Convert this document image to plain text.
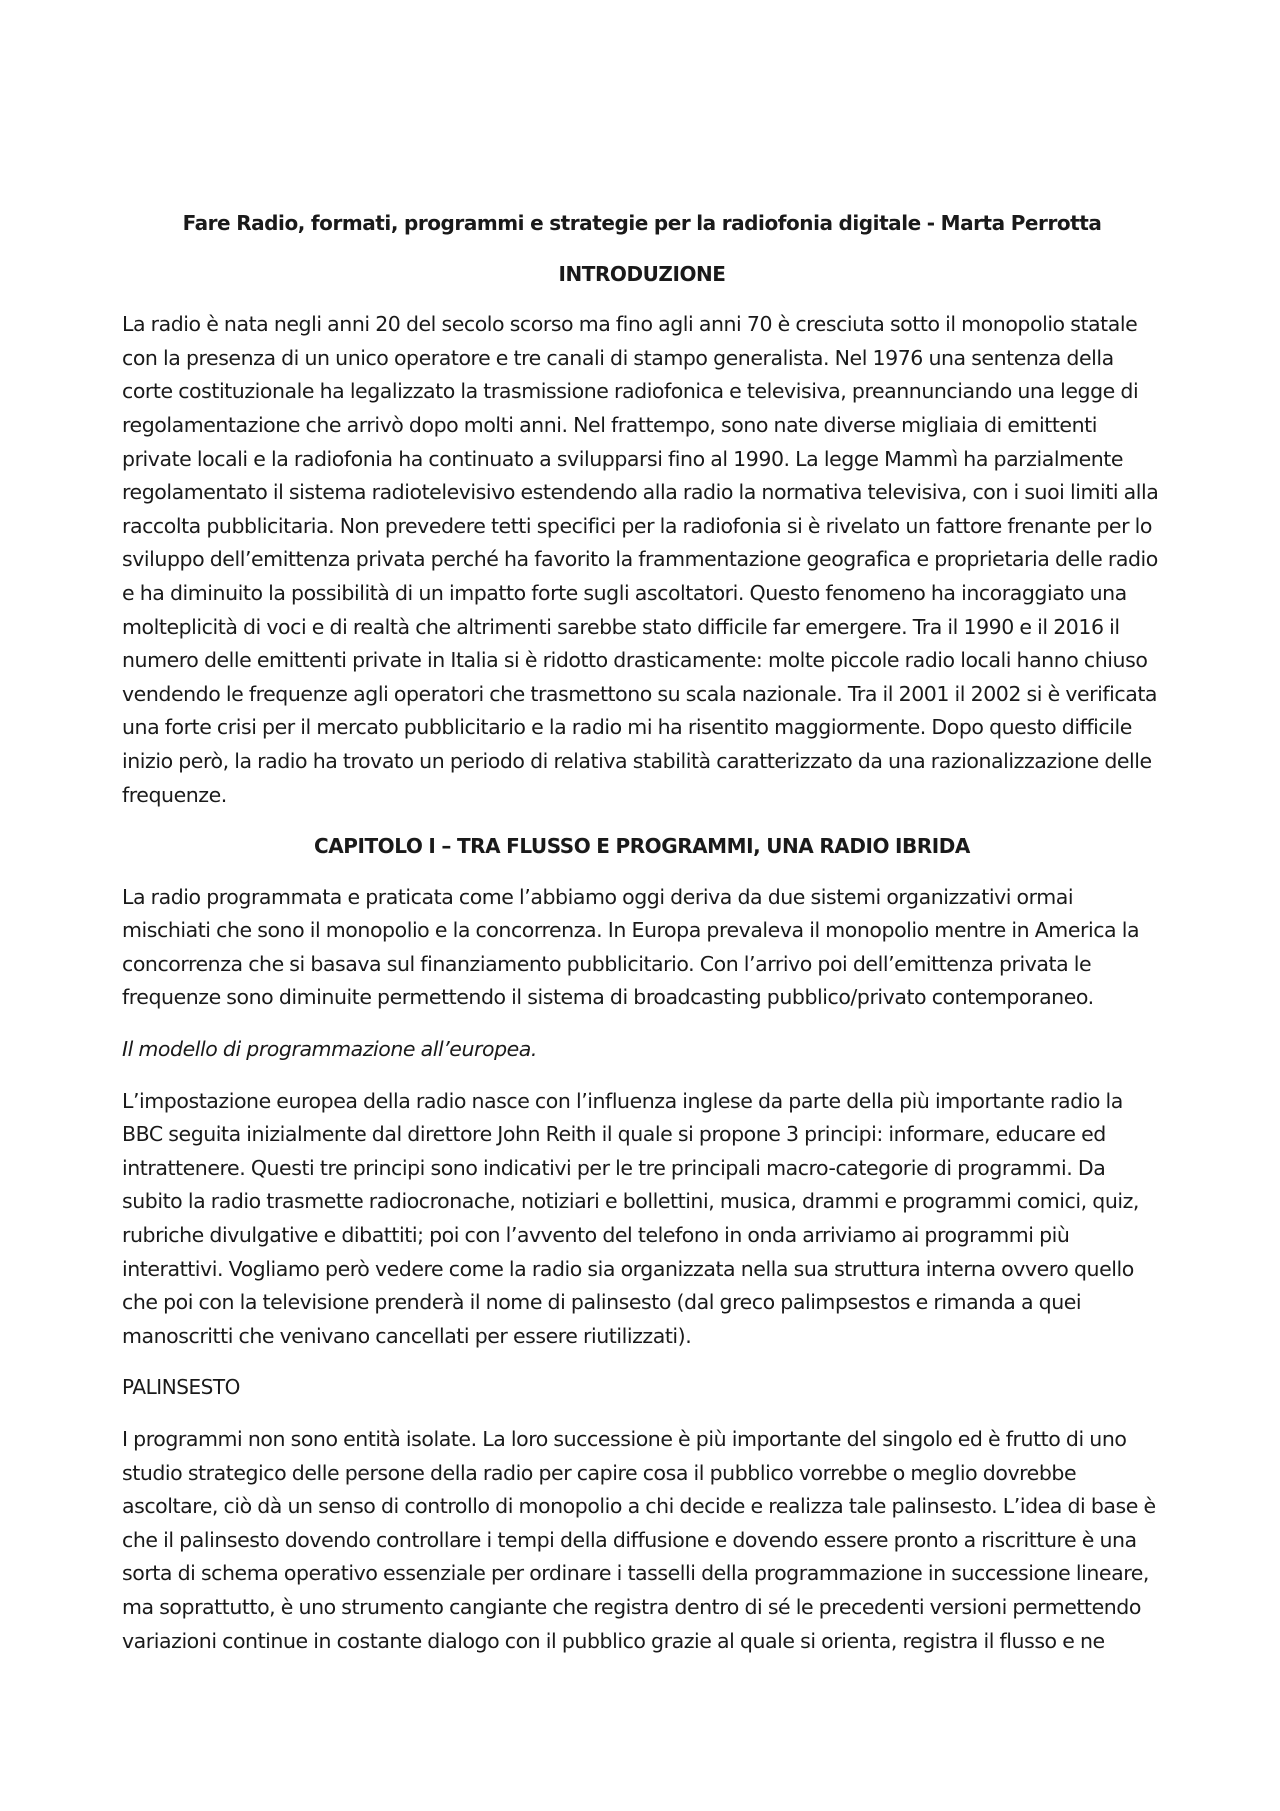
Fare Radio, formati, programmi e strategie per la radiofonia digitale - Marta Perrotta

INTRODUZIONE

La radio è nata negli anni 20 del secolo scorso ma fino agli anni 70 è cresciuta sotto il monopolio statale con la presenza di un unico operatore e tre canali di stampo generalista. Nel 1976 una sentenza della corte costituzionale ha legalizzato la trasmissione radiofonica e televisiva, preannunciando una legge di regolamentazione che arrivò dopo molti anni. Nel frattempo, sono nate diverse migliaia di emittenti private locali e la radiofonia ha continuato a svilupparsi fino al 1990. La legge Mammì ha parzialmente regolamentato il sistema radiotelevisivo estendendo alla radio la normativa televisiva, con i suoi limiti alla raccolta pubblicitaria. Non prevedere tetti specifici per la radiofonia si è rivelato un fattore frenante per lo sviluppo dell’emittenza privata perché ha favorito la frammentazione geografica e proprietaria delle radio e ha diminuito la possibilità di un impatto forte sugli ascoltatori. Questo fenomeno ha incoraggiato una molteplicità di voci e di realtà che altrimenti sarebbe stato difficile far emergere. Tra il 1990 e il 2016 il numero delle emittenti private in Italia si è ridotto drasticamente: molte piccole radio locali hanno chiuso vendendo le frequenze agli operatori che trasmettono su scala nazionale. Tra il 2001 il 2002 si è verificata una forte crisi per il mercato pubblicitario e la radio mi ha risentito maggiormente. Dopo questo difficile inizio però, la radio ha trovato un periodo di relativa stabilità caratterizzato da una razionalizzazione delle frequenze.

CAPITOLO I – TRA FLUSSO E PROGRAMMI, UNA RADIO IBRIDA

La radio programmata e praticata come l’abbiamo oggi deriva da due sistemi organizzativi ormai mischiati che sono il monopolio e la concorrenza. In Europa prevaleva il monopolio mentre in America la concorrenza che si basava sul finanziamento pubblicitario. Con l’arrivo poi dell’emittenza privata le frequenze sono diminuite permettendo il sistema di broadcasting pubblico/privato contemporaneo.

Il modello di programmazione all’europea.

L’impostazione europea della radio nasce con l’influenza inglese da parte della più importante radio la BBC seguita inizialmente dal direttore John Reith il quale si propone 3 principi: informare, educare ed intrattenere. Questi tre principi sono indicativi per le tre principali macro-categorie di programmi. Da subito la radio trasmette radiocronache, notiziari e bollettini, musica, drammi e programmi comici, quiz, rubriche divulgative e dibattiti; poi con l’avvento del telefono in onda arriviamo ai programmi più interattivi. Vogliamo però vedere come la radio sia organizzata nella sua struttura interna ovvero quello che poi con la televisione prenderà il nome di palinsesto (dal greco palimpsestos e rimanda a quei manoscritti che venivano cancellati per essere riutilizzati).

PALINSESTO

I programmi non sono entità isolate. La loro successione è più importante del singolo ed è frutto di uno studio strategico delle persone della radio per capire cosa il pubblico vorrebbe o meglio dovrebbe ascoltare, ciò dà un senso di controllo di monopolio a chi decide e realizza tale palinsesto. L’idea di base è che il palinsesto dovendo controllare i tempi della diffusione e dovendo essere pronto a riscritture è una sorta di schema operativo essenziale per ordinare i tasselli della programmazione in successione lineare, ma soprattutto, è uno strumento cangiante che registra dentro di sé le precedenti versioni permettendo variazioni continue in costante dialogo con il pubblico grazie al quale si orienta, registra il flusso e ne
